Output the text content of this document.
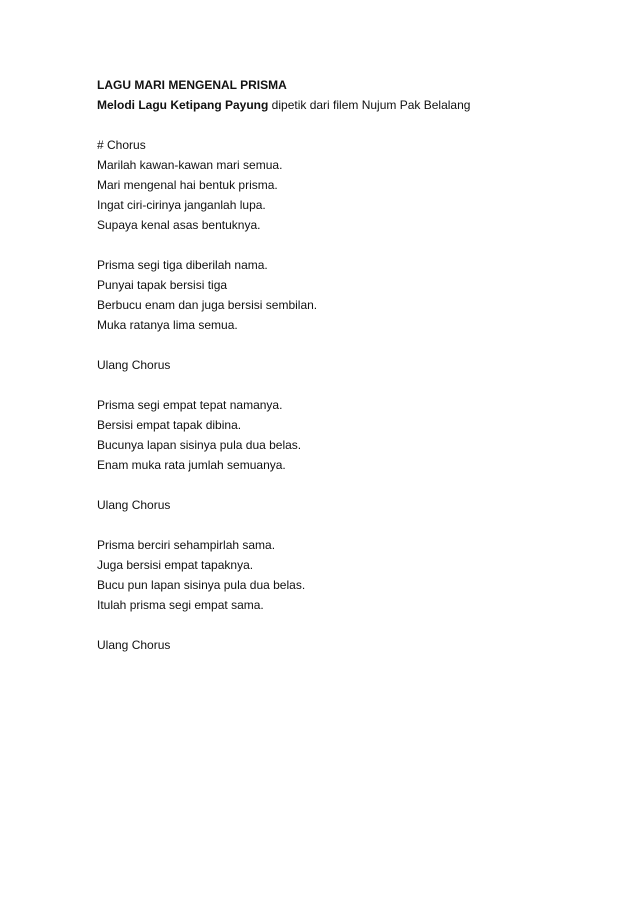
LAGU MARI MENGENAL PRISMA
Melodi Lagu Ketipang Payung dipetik dari filem Nujum Pak Belalang
# Chorus
Marilah kawan-kawan mari semua.
Mari mengenal hai bentuk prisma.
Ingat ciri-cirinya janganlah lupa.
Supaya kenal asas bentuknya.
Prisma segi tiga diberilah nama.
Punyai tapak bersisi tiga
Berbucu enam dan juga bersisi sembilan.
Muka ratanya lima semua.
Ulang Chorus
Prisma segi empat tepat namanya.
Bersisi empat tapak dibina.
Bucunya lapan sisinya pula dua belas.
Enam muka rata jumlah semuanya.
Ulang Chorus
Prisma berciri sehampirlah sama.
Juga bersisi empat tapaknya.
Bucu pun lapan sisinya pula dua belas.
Itulah prisma segi empat sama.
Ulang Chorus
